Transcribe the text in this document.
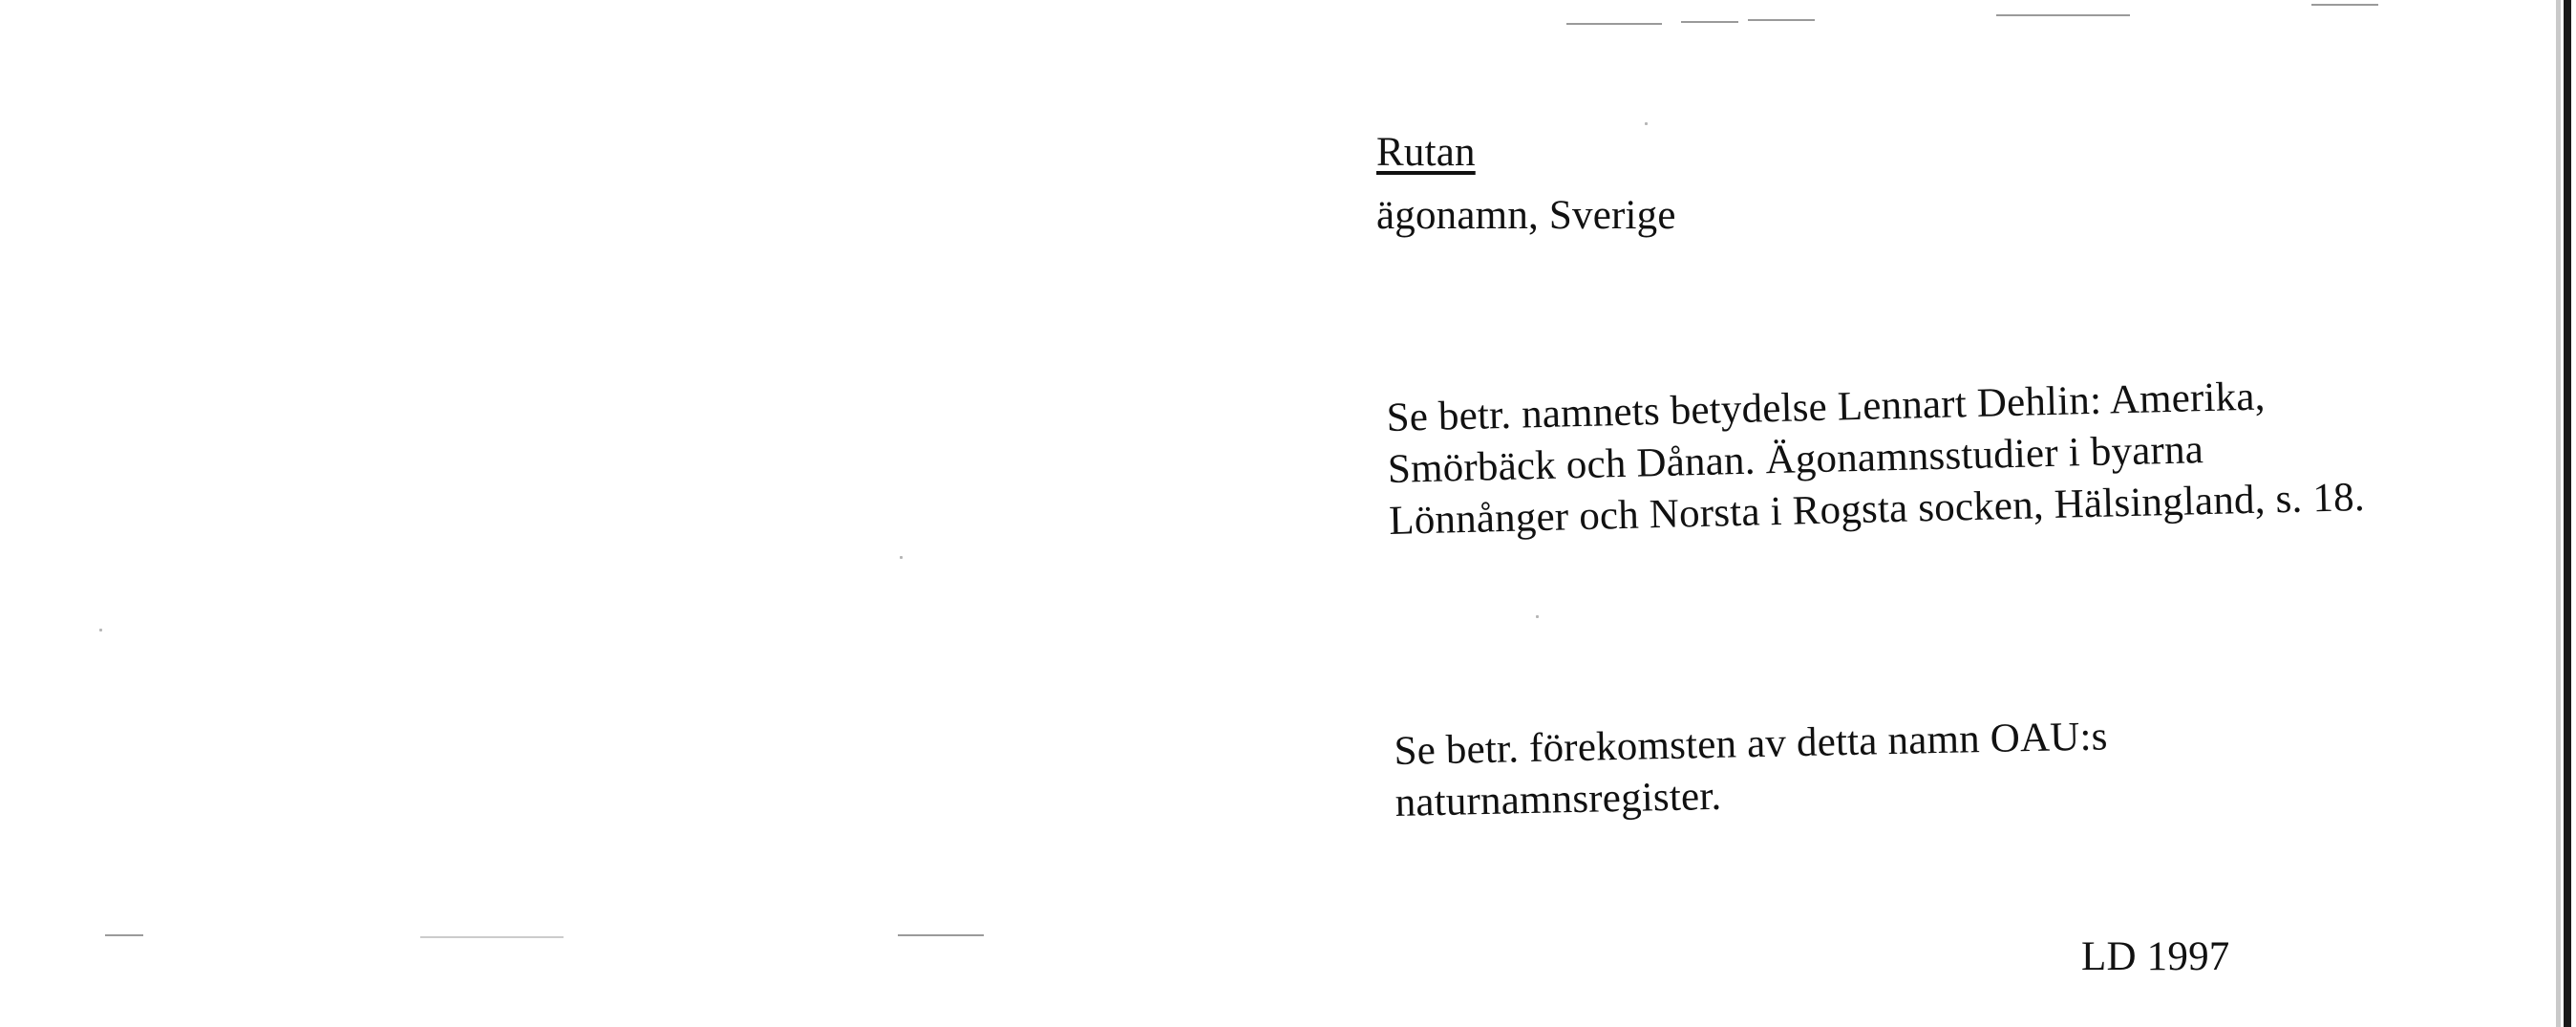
Rutan
ägonamn, Sverige
Se betr. namnets betydelse Lennart Dehlin: Amerika,
Smörbäck och Dånan. Ägonamnsstudier i byarna
Lönnånger och Norsta i Rogsta socken, Hälsingland, s. 18.
Se betr. förekomsten av detta namn OAU:s
naturnamnsregister.
LD 1997
